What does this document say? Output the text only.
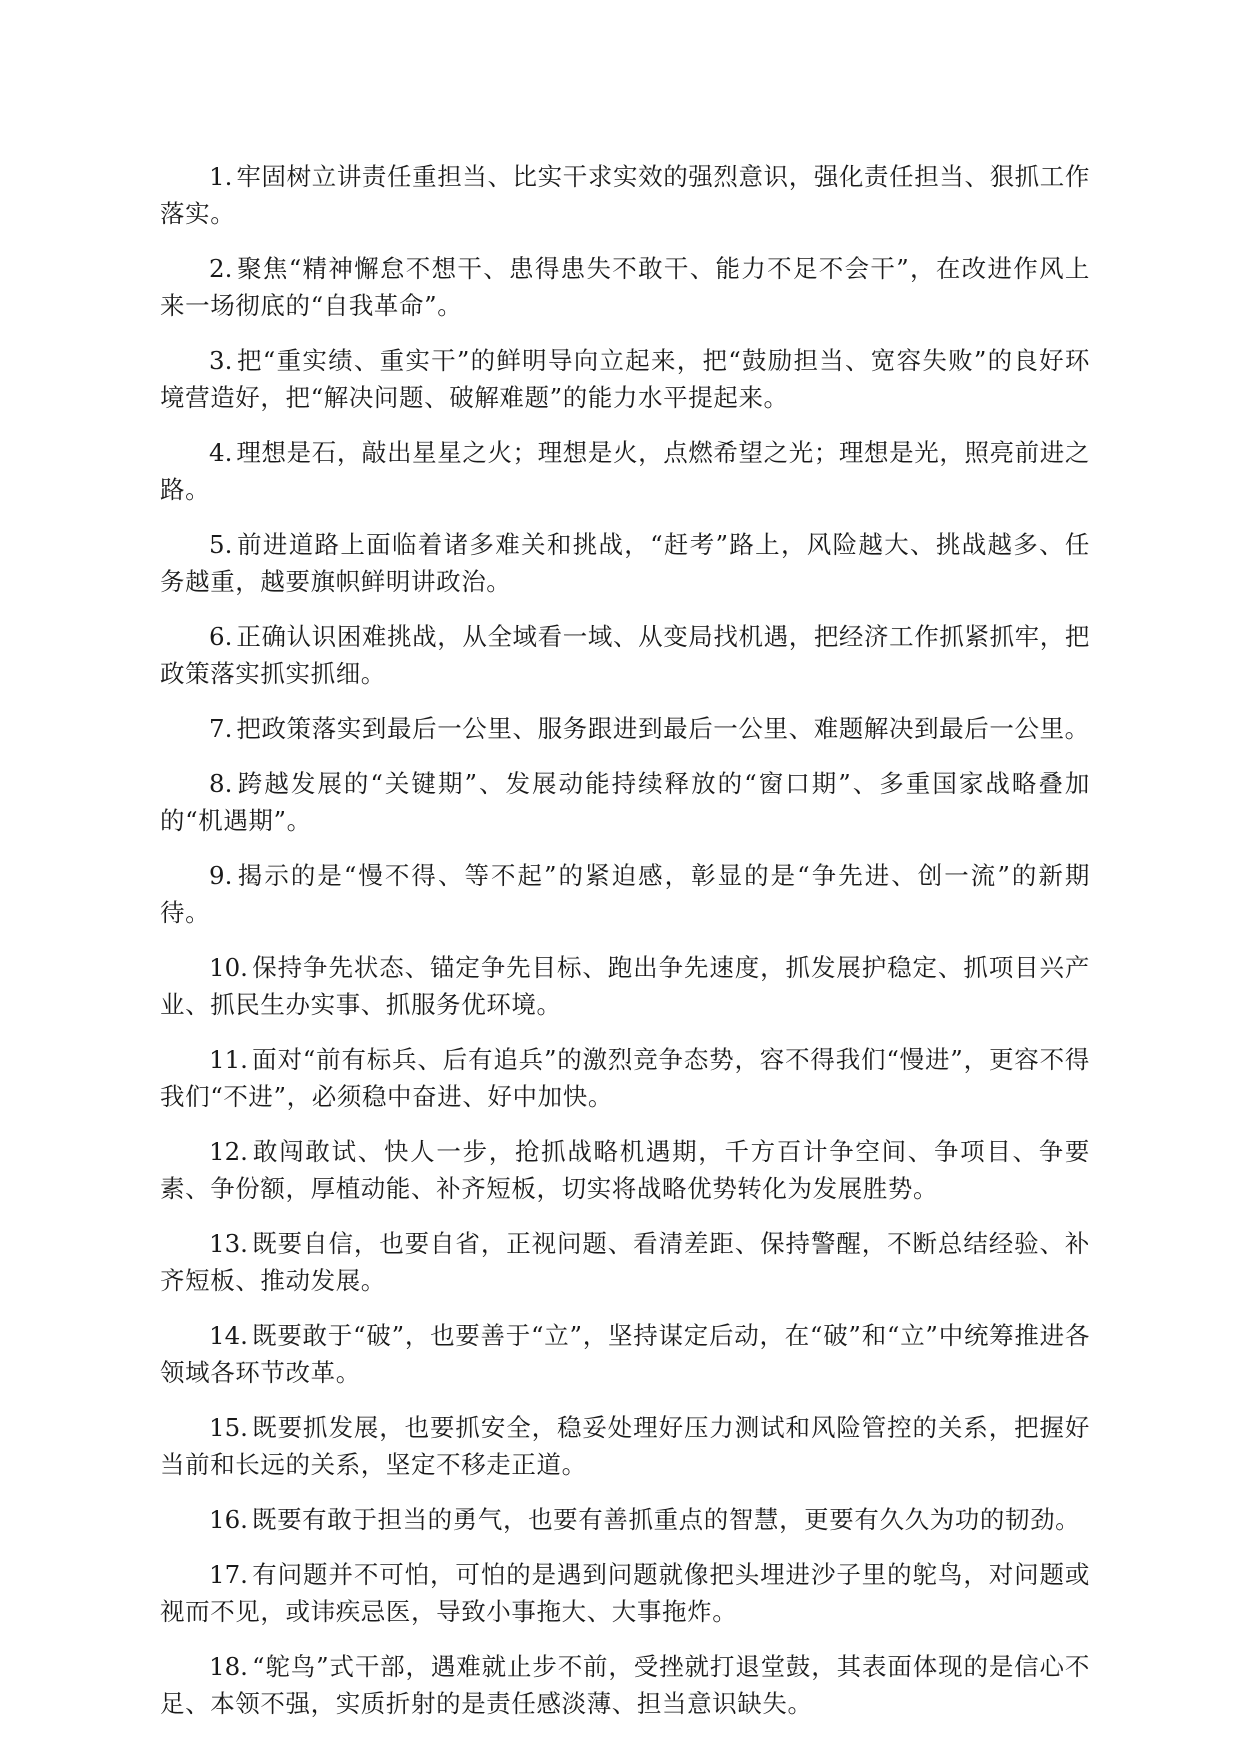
1. 牢固树立讲责任重担当、比实干求实效的强烈意识，强化责任担当、狠抓工作落实。

2. 聚焦“精神懈怠不想干、患得患失不敢干、能力不足不会干”，在改进作风上来一场彻底的“自我革命”。

3. 把“重实绩、重实干”的鲜明导向立起来，把“鼓励担当、宽容失败”的良好环境营造好，把“解决问题、破解难题”的能力水平提起来。

4. 理想是石，敲出星星之火；理想是火，点燃希望之光；理想是光，照亮前进之路。

5. 前进道路上面临着诸多难关和挑战，“赶考”路上，风险越大、挑战越多、任务越重，越要旗帜鲜明讲政治。

6. 正确认识困难挑战，从全域看一域、从变局找机遇，把经济工作抓紧抓牢，把政策落实抓实抓细。

7. 把政策落实到最后一公里、服务跟进到最后一公里、难题解决到最后一公里。

8. 跨越发展的“关键期”、发展动能持续释放的“窗口期”、多重国家战略叠加的“机遇期”。

9. 揭示的是“慢不得、等不起”的紧迫感，彰显的是“争先进、创一流”的新期待。

10. 保持争先状态、锚定争先目标、跑出争先速度，抓发展护稳定、抓项目兴产业、抓民生办实事、抓服务优环境。

11. 面对“前有标兵、后有追兵”的激烈竞争态势，容不得我们“慢进”，更容不得我们“不进”，必须稳中奋进、好中加快。

12. 敢闯敢试、快人一步，抢抓战略机遇期，千方百计争空间、争项目、争要素、争份额，厚植动能、补齐短板，切实将战略优势转化为发展胜势。

13. 既要自信，也要自省，正视问题、看清差距、保持警醒，不断总结经验、补齐短板、推动发展。

14. 既要敢于“破”，也要善于“立”，坚持谋定后动，在“破”和“立”中统筹推进各领域各环节改革。

15. 既要抓发展，也要抓安全，稳妥处理好压力测试和风险管控的关系，把握好当前和长远的关系，坚定不移走正道。

16. 既要有敢于担当的勇气，也要有善抓重点的智慧，更要有久久为功的韧劲。

17. 有问题并不可怕，可怕的是遇到问题就像把头埋进沙子里的鸵鸟，对问题或视而不见，或讳疾忌医，导致小事拖大、大事拖炸。

18. “鸵鸟”式干部，遇难就止步不前，受挫就打退堂鼓，其表面体现的是信心不足、本领不强，实质折射的是责任感淡薄、担当意识缺失。
